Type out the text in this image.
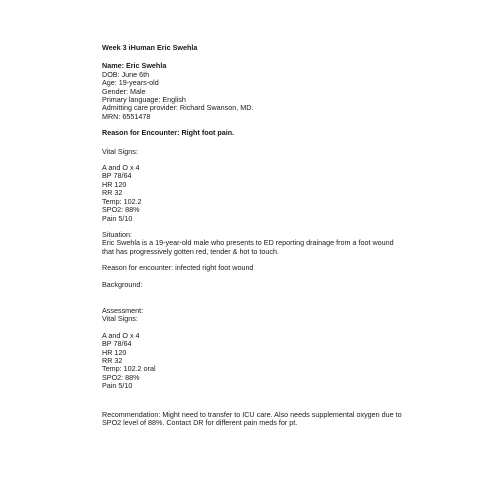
Week 3 iHuman Eric Swehla
Name: Eric Swehla
DOB: June 6th
Age: 19-years-old
Gender: Male
Primary language: English
Admitting care provider: Richard Swanson, MD.
MRN: 6551478
Reason for Encounter: Right foot pain.
Vital Signs:
A and O x 4
BP 78/64
HR 120
RR 32
Temp: 102.2
SPO2: 88%
Pain 5/10
Situation:
Eric Swehla is a 19-year-old male who presents to ED reporting drainage from a foot wound that has progressively gotten red, tender & hot to touch.
Reason for encounter: infected right foot wound
Background:
Assessment:
Vital Signs:
A and O x 4
BP 78/64
HR 120
RR 32
Temp: 102.2 oral
SPO2: 88%
Pain 5/10
Recommendation: Might need to transfer to ICU care. Also needs supplemental oxygen due to SPO2 level of 88%. Contact DR for different pain meds for pt.
